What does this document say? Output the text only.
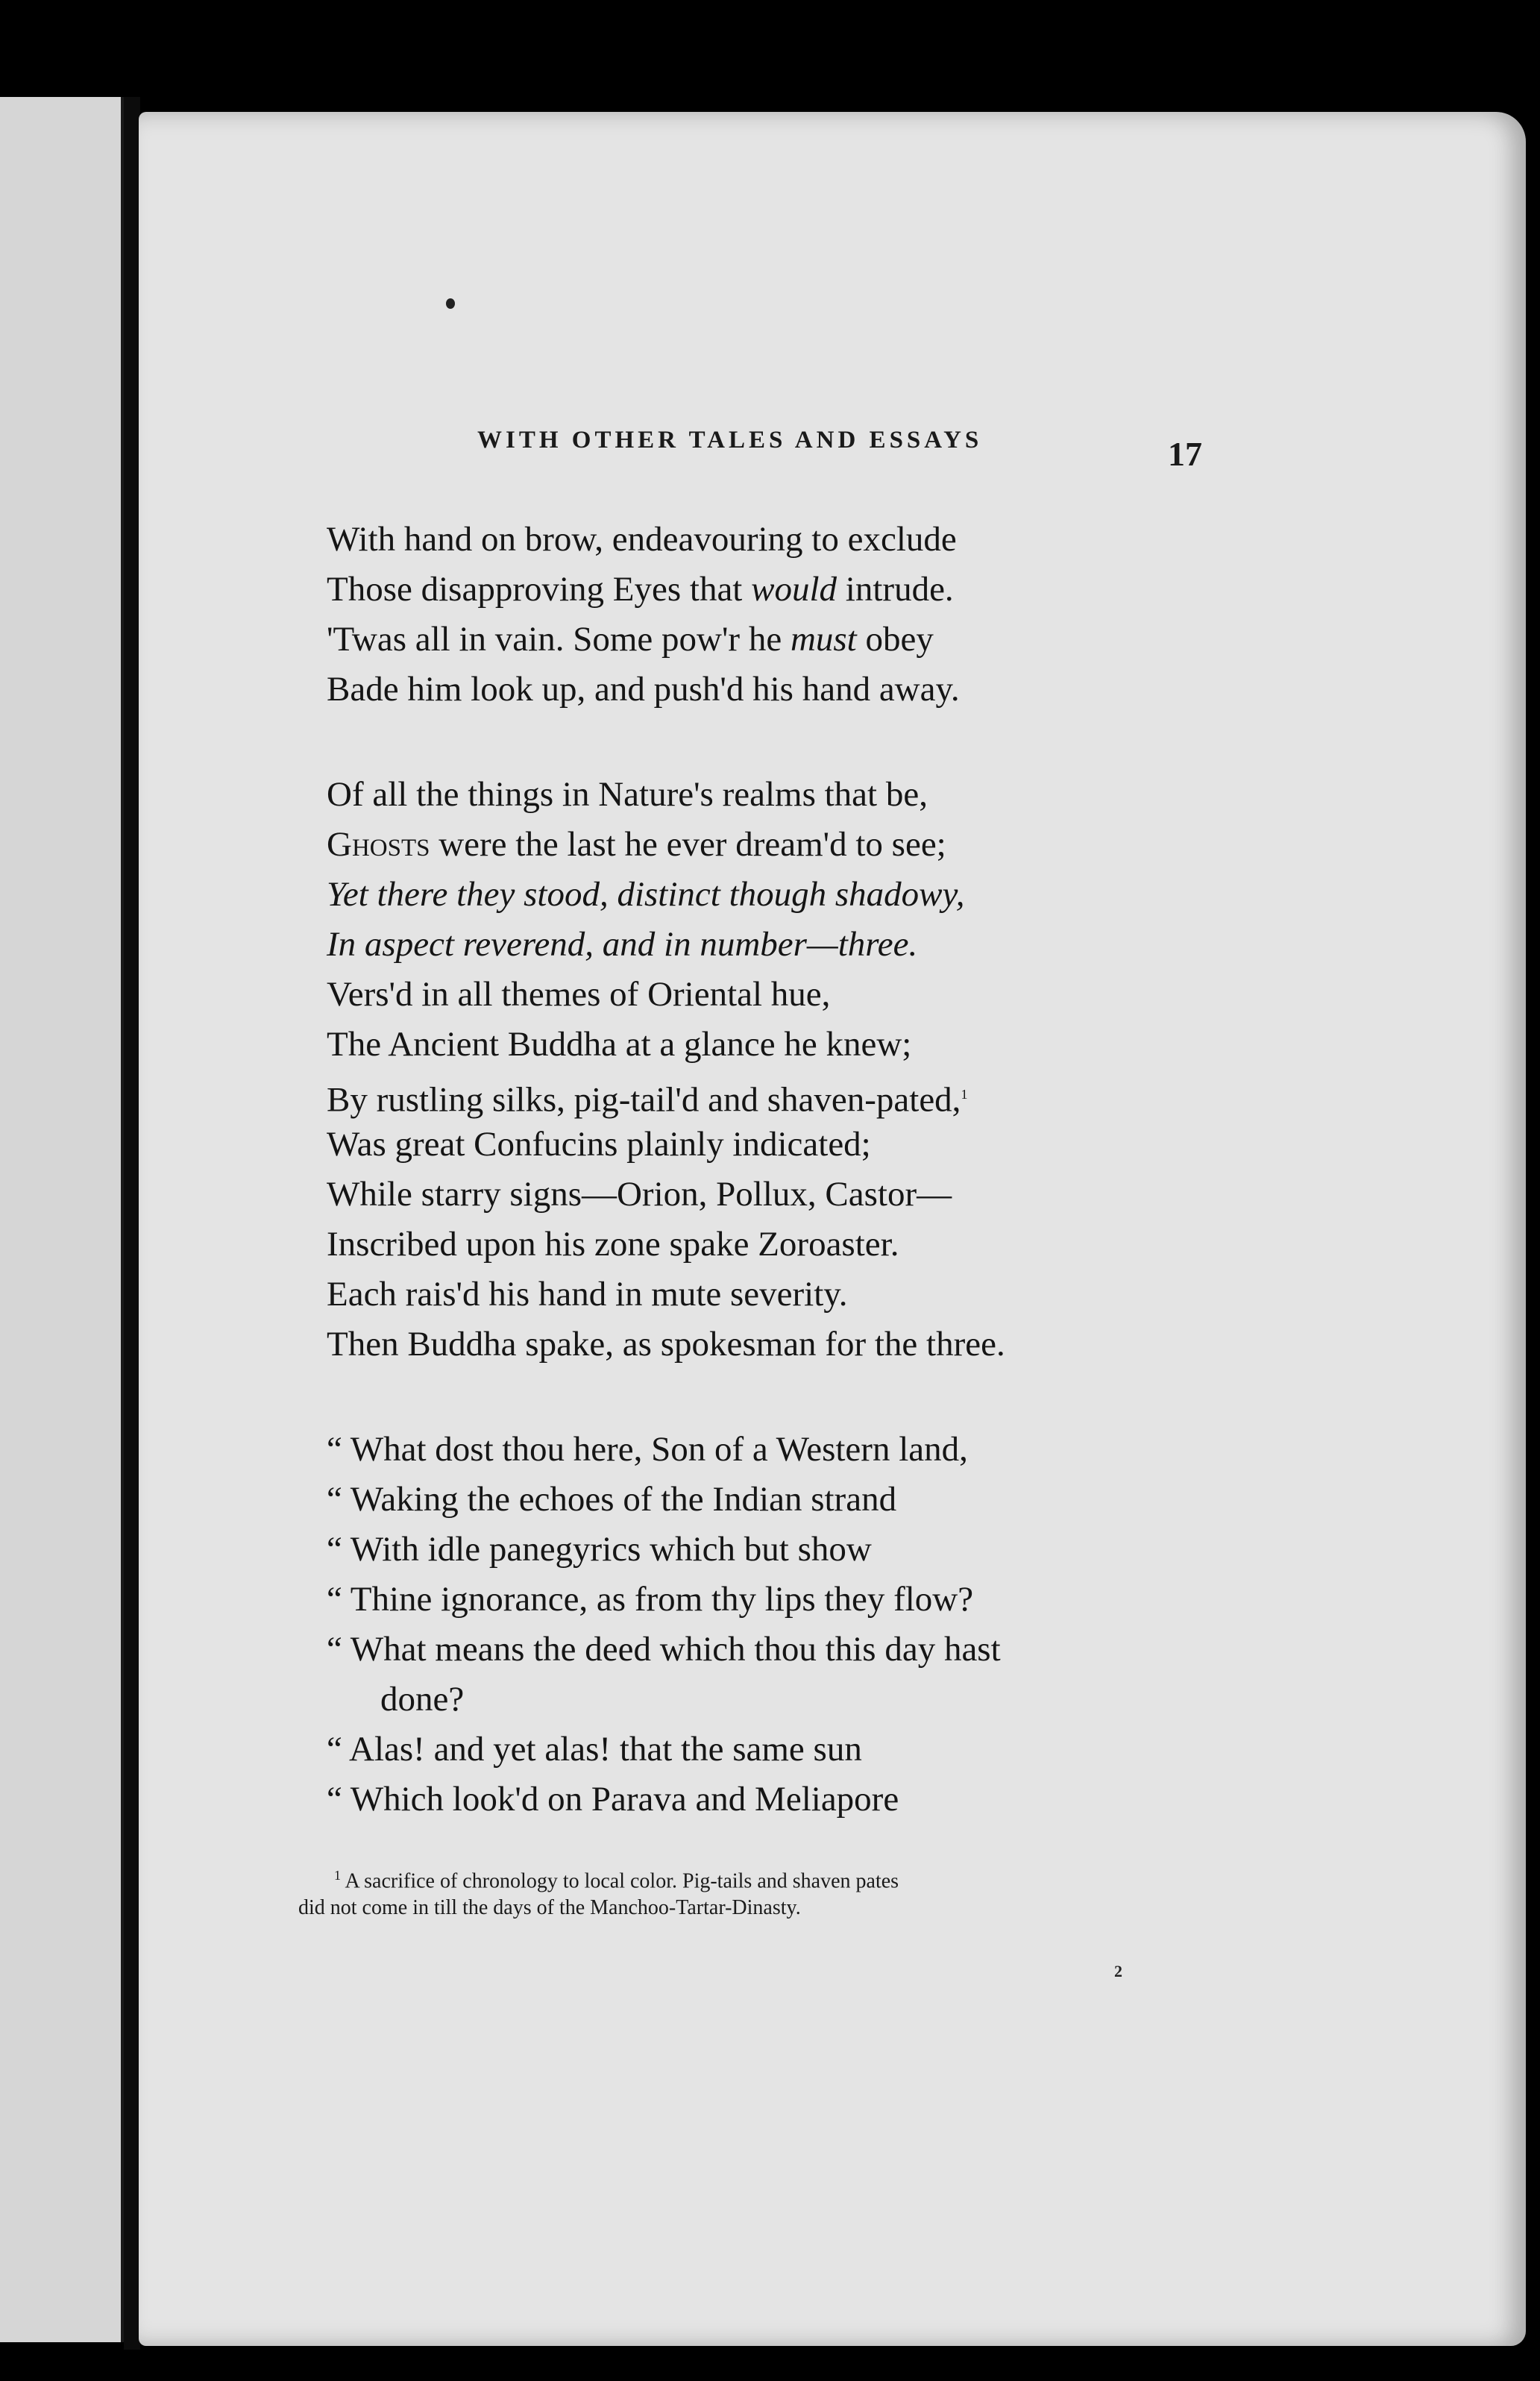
WITH OTHER TALES AND ESSAYS	17
With hand on brow, endeavouring to exclude
Those disapproving Eyes that would intrude.
'Twas all in vain. Some pow'r he must obey
Bade him look up, and push'd his hand away.
Of all the things in Nature's realms that be,
Ghosts were the last he ever dream'd to see;
Yet there they stood, distinct though shadowy,
In aspect reverend, and in number—three.
Vers'd in all themes of Oriental hue,
The Ancient Buddha at a glance he knew;
By rustling silks, pig-tail'd and shaven-pated,$^1$
Was great Confucins plainly indicated;
While starry signs—Orion, Pollux, Castor—
Inscribed upon his zone spake Zoroaster.
Each rais'd his hand in mute severity.
Then Buddha spake, as spokesman for the three.
“ What dost thou here, Son of a Western land,
“ Waking the echoes of the Indian strand
“ With idle panegyrics which but show
“ Thine ignorance, as from thy lips they flow?
“ What means the deed which thou this day hast
done?
“ Alas! and yet alas! that the same sun
“ Which look'd on Parava and Meliapore
$^1$ A sacrifice of chronology to local color. Pig-tails and shaven pates
did not come in till the days of the Manchoo-Tartar-Dinasty.
2
